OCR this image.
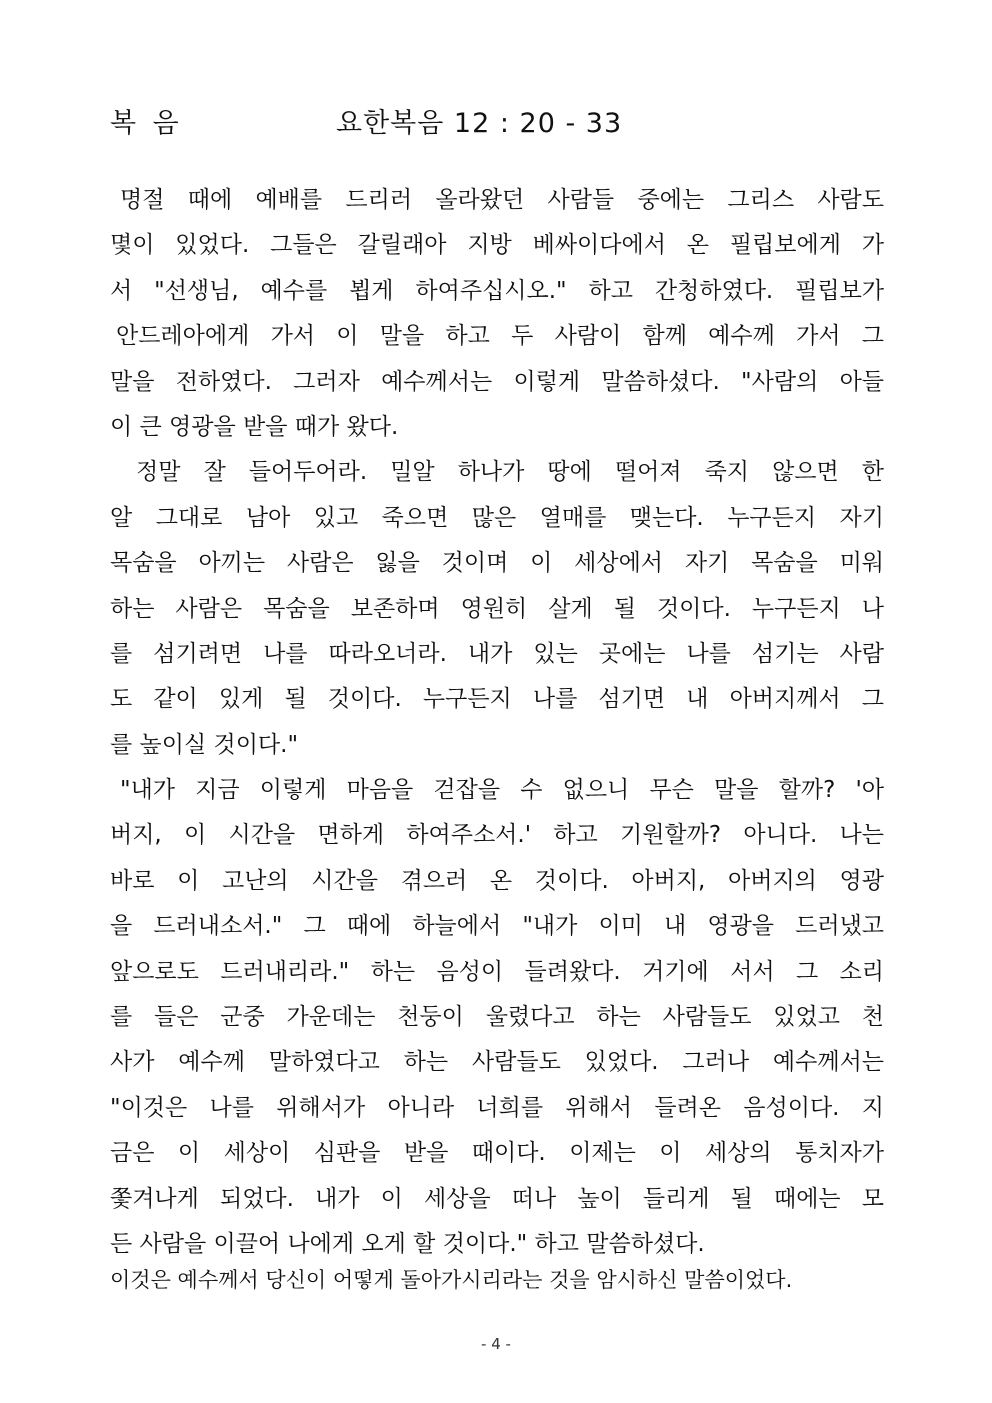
복 음	요한복음 12 : 20 - 33
명절 때에 예배를 드리러 올라왔던 사람들 중에는 그리스 사람도
몇이 있었다. 그들은 갈릴래아 지방 베싸이다에서 온 필립보에게 가
서 "선생님, 예수를 뵙게 하여주십시오." 하고 간청하였다. 필립보가
안드레아에게 가서 이 말을 하고 두 사람이 함께 예수께 가서 그
말을 전하였다. 그러자 예수께서는 이렇게 말씀하셨다. "사람의 아들
이 큰 영광을 받을 때가 왔다.
정말 잘 들어두어라. 밀알 하나가 땅에 떨어져 죽지 않으면 한
알 그대로 남아 있고 죽으면 많은 열매를 맺는다. 누구든지 자기
목숨을 아끼는 사람은 잃을 것이며 이 세상에서 자기 목숨을 미워
하는 사람은 목숨을 보존하며 영원히 살게 될 것이다. 누구든지 나
를 섬기려면 나를 따라오너라. 내가 있는 곳에는 나를 섬기는 사람
도 같이 있게 될 것이다. 누구든지 나를 섬기면 내 아버지께서 그
를 높이실 것이다."
"내가 지금 이렇게 마음을 걷잡을 수 없으니 무슨 말을 할까? '아
버지, 이 시간을 면하게 하여주소서.' 하고 기원할까? 아니다. 나는
바로 이 고난의 시간을 겪으러 온 것이다. 아버지, 아버지의 영광
을 드러내소서." 그 때에 하늘에서 "내가 이미 내 영광을 드러냈고
앞으로도 드러내리라." 하는 음성이 들려왔다. 거기에 서서 그 소리
를 들은 군중 가운데는 천둥이 울렸다고 하는 사람들도 있었고 천
사가 예수께 말하였다고 하는 사람들도 있었다. 그러나 예수께서는
"이것은 나를 위해서가 아니라 너희를 위해서 들려온 음성이다. 지
금은 이 세상이 심판을 받을 때이다. 이제는 이 세상의 통치자가
쫓겨나게 되었다. 내가 이 세상을 떠나 높이 들리게 될 때에는 모
든 사람을 이끌어 나에게 오게 할 것이다." 하고 말씀하셨다.
이것은 예수께서 당신이 어떻게 돌아가시리라는 것을 암시하신 말씀이었다.
- 4 -
